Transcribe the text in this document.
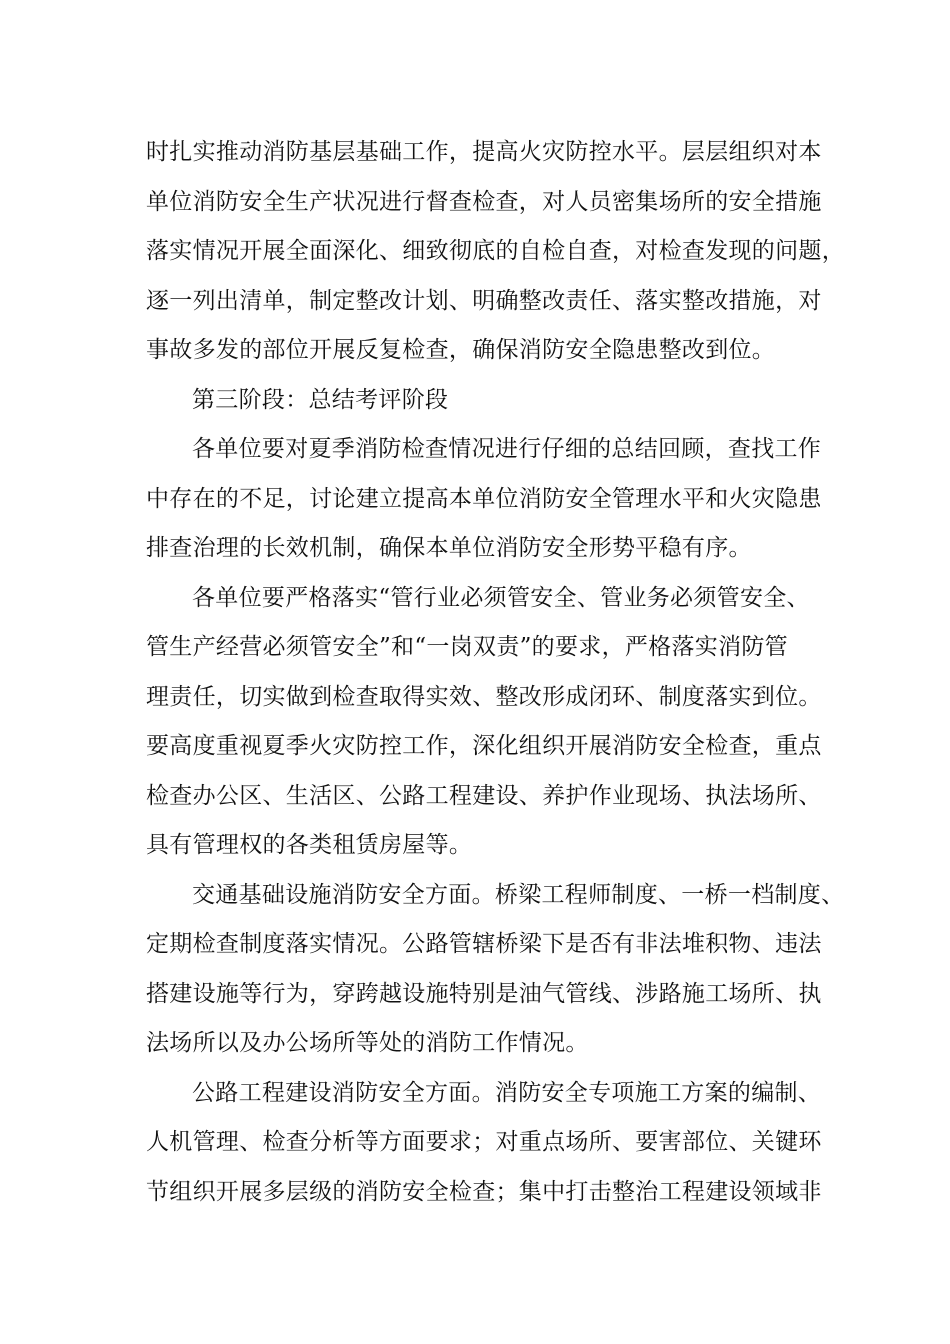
时扎实推动消防基层基础工作，提高火灾防控水平。层层组织对本
单位消防安全生产状况进行督查检查，对人员密集场所的安全措施
落实情况开展全面深化、细致彻底的自检自查，对检查发现的问题，
逐一列出清单，制定整改计划、明确整改责任、落实整改措施，对
事故多发的部位开展反复检查，确保消防安全隐患整改到位。
第三阶段：总结考评阶段
各单位要对夏季消防检查情况进行仔细的总结回顾，查找工作
中存在的不足，讨论建立提高本单位消防安全管理水平和火灾隐患
排查治理的长效机制，确保本单位消防安全形势平稳有序。
各单位要严格落实“管行业必须管安全、管业务必须管安全、
管生产经营必须管安全”和“一岗双责”的要求，严格落实消防管
理责任，切实做到检查取得实效、整改形成闭环、制度落实到位。
要高度重视夏季火灾防控工作，深化组织开展消防安全检查，重点
检查办公区、生活区、公路工程建设、养护作业现场、执法场所、
具有管理权的各类租赁房屋等。
交通基础设施消防安全方面。桥梁工程师制度、一桥一档制度、
定期检查制度落实情况。公路管辖桥梁下是否有非法堆积物、违法
搭建设施等行为，穿跨越设施特别是油气管线、涉路施工场所、执
法场所以及办公场所等处的消防工作情况。
公路工程建设消防安全方面。消防安全专项施工方案的编制、
人机管理、检查分析等方面要求；对重点场所、要害部位、关键环
节组织开展多层级的消防安全检查；集中打击整治工程建设领域非
